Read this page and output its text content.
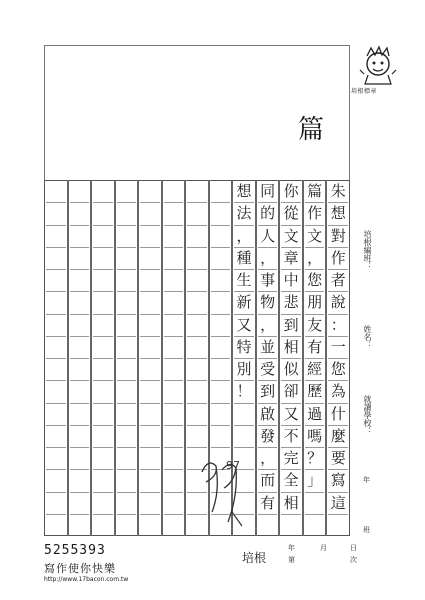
培根標章
篇
朱
想
對
作
者
說
：
一
您
為
什
麼
要
寫
這
篇
作
文
，
您
朋
友
有
經
歷
過
嗎
？
」
你
從
文
章
中
悲
到
相
似
卻
又
不
完
全
相
同
的
人
，
事
物
，
並
受
到
啟
發
，
而
有
想
法
，
種
生
新
又
特
別
！
培根編班：
姓名：
就讀學校：
年
班
97
年	月	日
第	次
5255393
寫作使你快樂
http://www.17bacon.com.tw
培根
